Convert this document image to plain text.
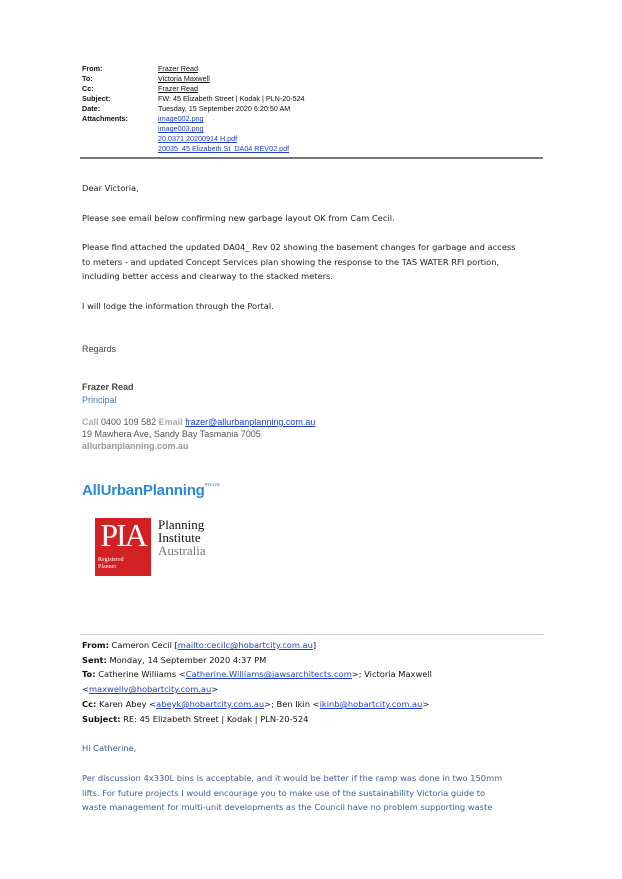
From:	Frazer Read
To:	Victoria Maxwell
Cc:	Frazer Read
Subject:	FW: 45 Elizabeth Street | Kodak | PLN-20-524
Date:	Tuesday, 15 September 2020 6:20:50 AM
Attachments:	image002.png
image003.png
20.0371 20200914 H.pdf
20035_45 Elizabeth St_DA04 REV02.pdf
Dear Victoria,
Please see email below confirming new garbage layout OK from Cam Cecil.
Please find attached the updated DA04_ Rev 02 showing the basement changes for garbage and access
to meters - and updated Concept Services plan showing the response to the TAS WATER RFI portion,
including better access and clearway to the stacked meters.
I will lodge the information through the Portal.
Regards
Frazer Read
Principal
Call 0400 109 582 Email frazer@allurbanplanning.com.au
19 Mawhera Ave, Sandy Bay Tasmania 7005
allurbanplanning.com.au
AllUrbanPlanning$^{PTY LTD}$
PIA
Registered
Planner
Planning
Institute
Australia
From: Cameron Cecil [mailto:cecilc@hobartcity.com.au]
Sent: Monday, 14 September 2020 4:37 PM
To: Catherine Williams <Catherine.Williams@jawsarchitects.com>; Victoria Maxwell
<maxwellv@hobartcity.com.au>
Cc: Karen Abey <abeyk@hobartcity.com.au>; Ben Ikin <ikinb@hobartcity.com.au>
Subject: RE: 45 Elizabeth Street | Kodak | PLN-20-524
Hi Catherine,
Per discussion 4x330L bins is acceptable, and it would be better if the ramp was done in two 150mm
lifts. For future projects I would encourage you to make use of the sustainability Victoria guide to
waste management for multi-unit developments as the Council have no problem supporting waste
